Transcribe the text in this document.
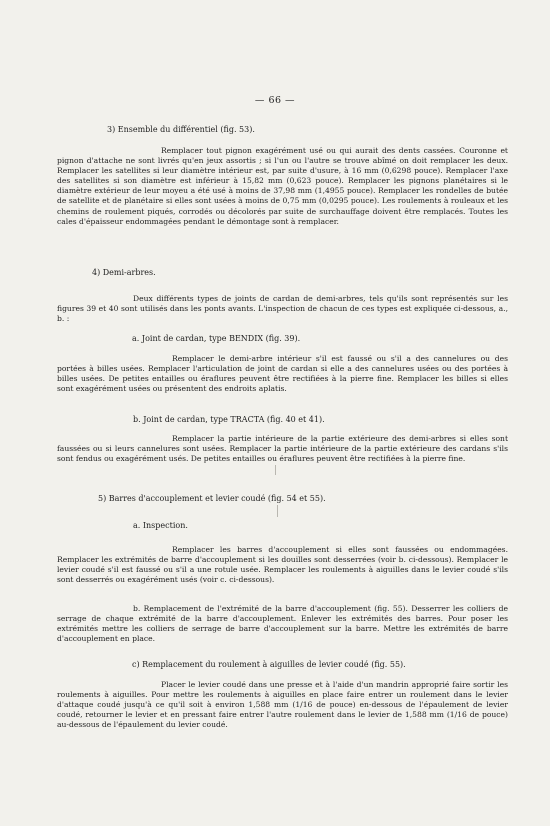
— 66 —

3) Ensemble du différentiel (fig. 53).

Remplacer tout pignon exagérément usé ou qui aurait des dents cassées. Couronne et pignon d'attache ne sont livrés qu'en jeux assortis ; si l'un ou l'autre se trouve abîmé on doit remplacer les deux. Remplacer les satellites si leur diamètre intérieur est, par suite d'usure, à 16 mm (0,6298 pouce). Remplacer l'axe des satellites si son diamètre est inférieur à 15,82 mm (0,623 pouce). Remplacer les pignons planétaires si le diamètre extérieur de leur moyeu a été usé à moins de 37,98 mm (1,4955 pouce). Remplacer les rondelles de butée de satellite et de planétaire si elles sont usées à moins de 0,75 mm (0,0295 pouce). Les roulements à rouleaux et les chemins de roulement piqués, corrodés ou décolorés par suite de surchauffage doivent être remplacés. Toutes les cales d'épaisseur endommagées pendant le démontage sont à remplacer.

4) Demi-arbres.

Deux différents types de joints de cardan de demi-arbres, tels qu'ils sont représentés sur les figures 39 et 40 sont utilisés dans les ponts avants. L'inspection de chacun de ces types est expliquée ci-dessous, a., b. :

a. Joint de cardan, type BENDIX (fig. 39).

Remplacer le demi-arbre intérieur s'il est faussé ou s'il a des cannelures ou des portées à billes usées. Remplacer l'articulation de joint de cardan si elle a des cannelures usées ou des portées à billes usées. De petites entailles ou éraflures peuvent être rectifiées à la pierre fine. Remplacer les billes si elles sont exagérément usées ou présentent des endroits aplatis.

b. Joint de cardan, type TRACTA (fig. 40 et 41).

Remplacer la partie intérieure de la partie extérieure des demi-arbres si elles sont faussées ou si leurs cannelures sont usées. Remplacer la partie intérieure de la partie extérieure des cardans s'ils sont fendus ou exagérément usés. De petites entailles ou éraflures peuvent être rectifiées à la pierre fine.

5) Barres d'accouplement et levier coudé (fig. 54 et 55).

a. Inspection.

Remplacer les barres d'accouplement si elles sont faussées ou endommagées. Remplacer les extrémités de barre d'accouplement si les douilles sont desserrées (voir b. ci-dessous). Remplacer le levier coudé s'il est faussé ou s'il a une rotule usée. Remplacer les roulements à aiguilles dans le levier coudé s'ils sont desserrés ou exagérément usés (voir c. ci-dessous).

b. Remplacement de l'extrémité de la barre d'accouplement (fig. 55). Desserrer les colliers de serrage de chaque extrémité de la barre d'accouplement. Enlever les extrémités des barres. Pour poser les extrémités mettre les colliers de serrage de barre d'accouplement sur la barre. Mettre les extrémités de barre d'accouplement en place.

c) Remplacement du roulement à aiguilles de levier coudé (fig. 55).

Placer le levier coudé dans une presse et à l'aide d'un mandrin approprié faire sortir les roulements à aiguilles. Pour mettre les roulements à aiguilles en place faire entrer un roulement dans le levier d'attaque coudé jusqu'à ce qu'il soit à environ 1,588 mm (1/16 de pouce) en-dessous de l'épaulement de levier coudé, retourner le levier et en pressant faire entrer l'autre roulement dans le levier de 1,588 mm (1/16 de pouce) au-dessous de l'épaulement du levier coudé.
